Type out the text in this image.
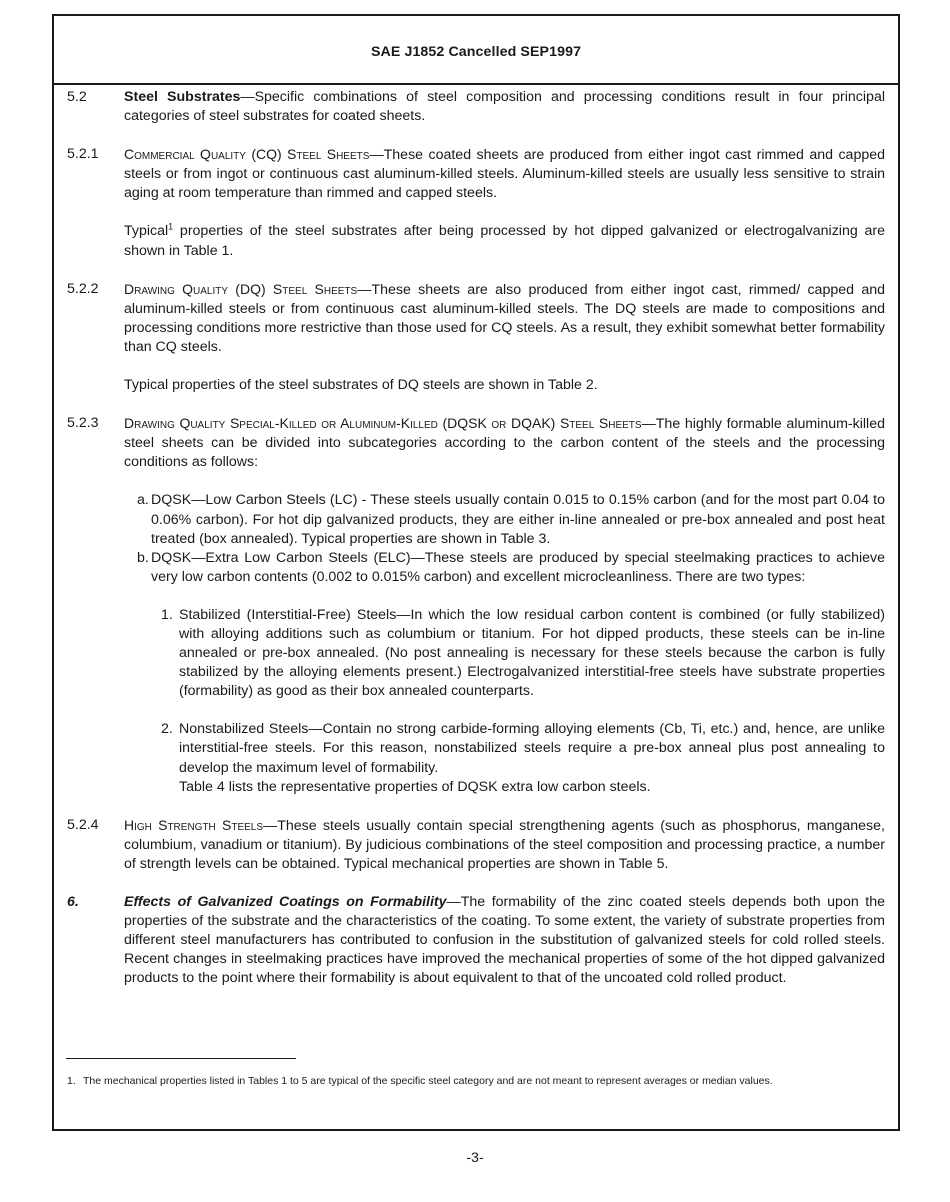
SAE J1852 Cancelled SEP1997
5.2	Steel Substrates—Specific combinations of steel composition and processing conditions result in four principal categories of steel substrates for coated sheets.

5.2.1 Commercial Quality (CQ) Steel Sheets—These coated sheets are produced from either ingot cast rimmed and capped steels or from ingot or continuous cast aluminum-killed steels. Aluminum-killed steels are usually less sensitive to strain aging at room temperature than rimmed and capped steels.

Typical$^1$ properties of the steel substrates after being processed by hot dipped galvanized or electrogalvanizing are shown in Table 1.

5.2.2 Drawing Quality (DQ) Steel Sheets—These sheets are also produced from either ingot cast, rimmed/ capped and aluminum-killed steels or from continuous cast aluminum-killed steels. The DQ steels are made to compositions and processing conditions more restrictive than those used for CQ steels. As a result, they exhibit somewhat better formability than CQ steels.

Typical properties of the steel substrates of DQ steels are shown in Table 2.

5.2.3 Drawing Quality Special-Killed or Aluminum-Killed (DQSK or DQAK) Steel Sheets—The highly formable aluminum-killed steel sheets can be divided into subcategories according to the carbon content of the steels and the processing conditions as follows:

a. DQSK—Low Carbon Steels (LC) - These steels usually contain 0.015 to 0.15% carbon (and for the most part 0.04 to 0.06% carbon). For hot dip galvanized products, they are either in-line annealed or pre-box annealed and post heat treated (box annealed). Typical properties are shown in Table 3.

b. DQSK—Extra Low Carbon Steels (ELC)—These steels are produced by special steelmaking practices to achieve very low carbon contents (0.002 to 0.015% carbon) and excellent microcleanliness. There are two types:

1. Stabilized (Interstitial-Free) Steels—In which the low residual carbon content is combined (or fully stabilized) with alloying additions such as columbium or titanium. For hot dipped products, these steels can be in-line annealed or pre-box annealed. (No post annealing is necessary for these steels because the carbon is fully stabilized by the alloying elements present.) Electrogalvanized interstitial-free steels have substrate properties (formability) as good as their box annealed counterparts.

2. Nonstabilized Steels—Contain no strong carbide-forming alloying elements (Cb, Ti, etc.) and, hence, are unlike interstitial-free steels. For this reason, nonstabilized steels require a pre-box anneal plus post annealing to develop the maximum level of formability.

Table 4 lists the representative properties of DQSK extra low carbon steels.

5.2.4 High Strength Steels—These steels usually contain special strengthening agents (such as phosphorus, manganese, columbium, vanadium or titanium). By judicious combinations of the steel composition and processing practice, a number of strength levels can be obtained. Typical mechanical properties are shown in Table 5.

6.	Effects of Galvanized Coatings on Formability—The formability of the zinc coated steels depends both upon the properties of the substrate and the characteristics of the coating. To some extent, the variety of substrate properties from different steel manufacturers has contributed to confusion in the substitution of galvanized steels for cold rolled steels. Recent changes in steelmaking practices have improved the mechanical properties of some of the hot dipped galvanized products to the point where their formability is about equivalent to that of the uncoated cold rolled product.

1. The mechanical properties listed in Tables 1 to 5 are typical of the specific steel category and are not meant to represent averages or median values.
-3-
